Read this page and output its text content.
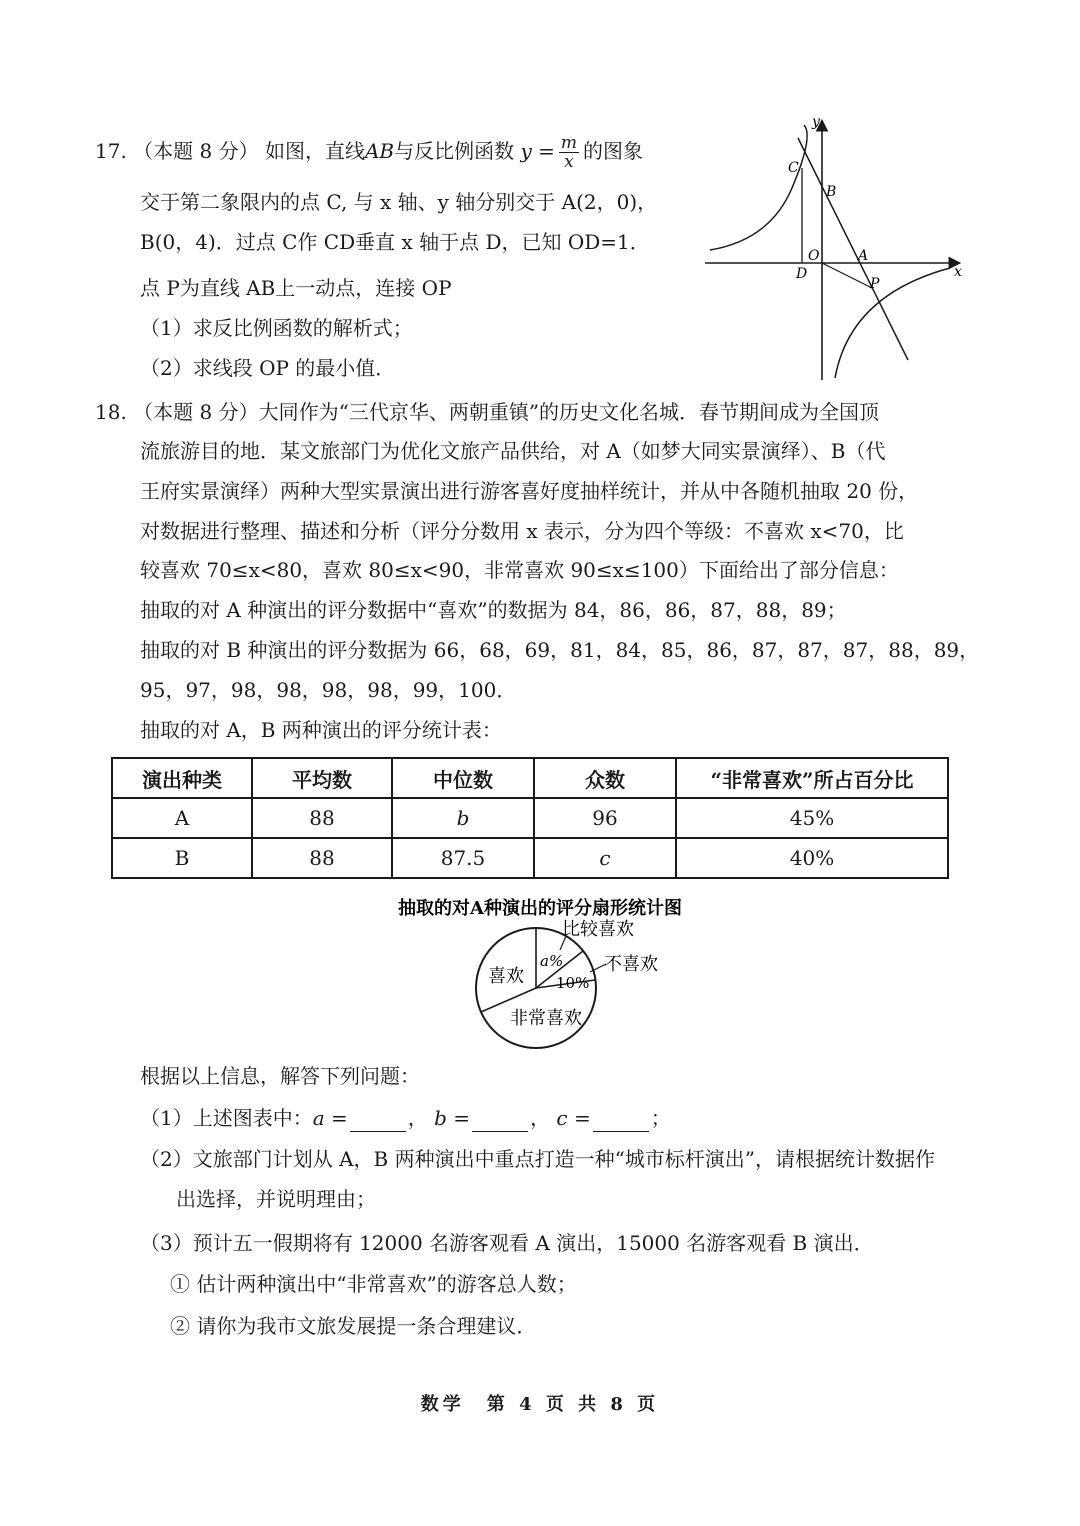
17. （本题 8 分） 如图，直线AB与反比例函数 $y = \frac{m}{x}$ 的图象
交于第二象限内的点 C, 与 x 轴、y 轴分别交于 A(2，0)，
B(0，4)．过点 C作 CD垂直 x 轴于点 D，已知 OD=1．
点 P为直线 AB上一动点，连接 OP
（1）求反比例函数的解析式；
（2）求线段 OP 的最小值．
y
x
C
B
O	A
D
P
18. （本题 8 分）大同作为“三代京华、两朝重镇”的历史文化名城．春节期间成为全国顶
流旅游目的地．某文旅部门为优化文旅产品供给，对 A（如梦大同实景演绎）、B（代
王府实景演绎）两种大型实景演出进行游客喜好度抽样统计，并从中各随机抽取 20 份，
对数据进行整理、描述和分析（评分分数用 x 表示，分为四个等级：不喜欢 x<70，比
较喜欢 70≤x<80，喜欢 80≤x<90，非常喜欢 90≤x≤100）下面给出了部分信息：
抽取的对 A 种演出的评分数据中“喜欢”的数据为 84，86，86，87，88，89；
抽取的对 B 种演出的评分数据为 66，68，69，81，84，85，86，87，87，87，88，89，
95，97，98，98，98，98，99，100．
抽取的对 A，B 两种演出的评分统计表：
演出种类	平均数	中位数	众数	“非常喜欢”所占百分比
A	88	b	96	45%
B	88	87.5	c	40%
抽取的对A种演出的评分扇形统计图
喜欢
a%
10%
非常喜欢
比较喜欢
不喜欢
根据以上信息，解答下列问题：
（1）上述图表中：a =	， b =	， c =	；
（2）文旅部门计划从 A，B 两种演出中重点打造一种“城市标杆演出”，请根据统计数据作
出选择，并说明理由；
（3）预计五一假期将有 12000 名游客观看 A 演出，15000 名游客观看 B 演出．
① 估计两种演出中“非常喜欢”的游客总人数；
② 请你为我市文旅发展提一条合理建议．
数学　第 4 页 共 8 页
